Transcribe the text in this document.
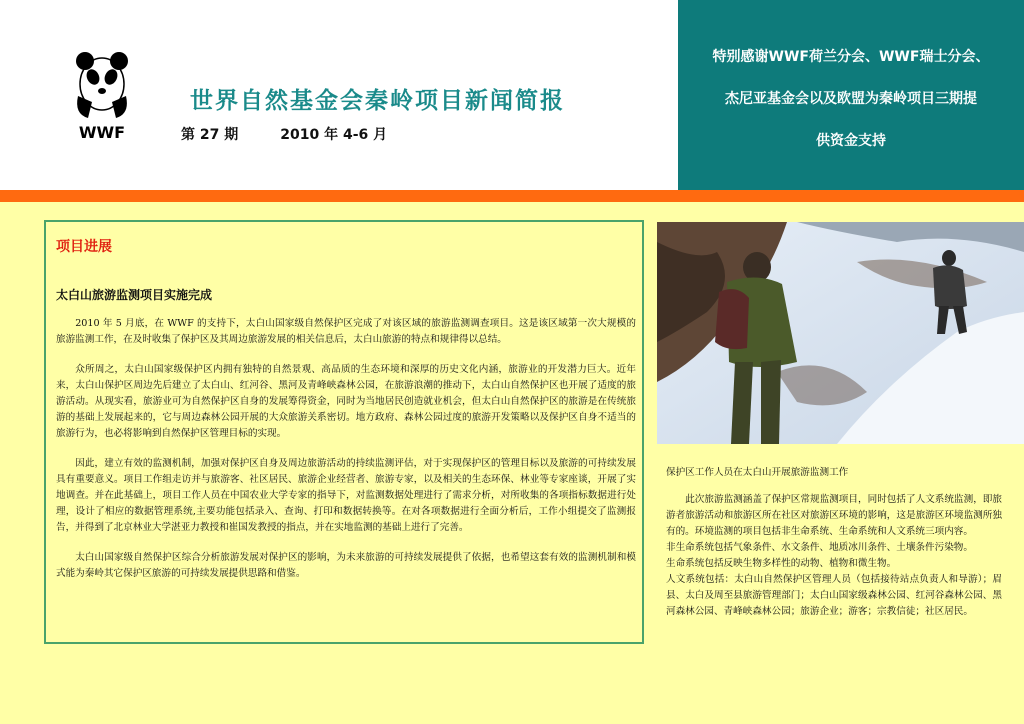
WWF
世界自然基金会秦岭项目新闻简报
第 27 期	2010 年 4-6 月

特别感谢WWF荷兰分会、WWF瑞士分会、

杰尼亚基金会以及欧盟为秦岭项目三期提

供资金支持

项目进展
太白山旅游监测项目实施完成

2010 年 5 月底，在 WWF 的支持下，太白山国家级自然保护区完成了对该区域的旅游监测调查项目。这是该区域第一次大规模的旅游监测工作，在及时收集了保护区及其周边旅游发展的相关信息后，太白山旅游的特点和规律得以总结。

众所周之，太白山国家级保护区内拥有独特的自然景观、高品质的生态环境和深厚的历史文化内涵，旅游业的开发潜力巨大。近年来，太白山保护区周边先后建立了太白山、红河谷、黑河及青峰峡森林公园，在旅游浪潮的推动下，太白山自然保护区也开展了适度的旅游活动。从现实看，旅游业可为自然保护区自身的发展筹得资金，同时为当地居民创造就业机会，但太白山自然保护区的旅游是在传统旅游的基础上发展起来的，它与周边森林公园开展的大众旅游关系密切。地方政府、森林公园过度的旅游开发策略以及保护区自身不适当的旅游行为，也必将影响到自然保护区管理目标的实现。

因此，建立有效的监测机制，加强对保护区自身及周边旅游活动的持续监测评估，对于实现保护区的管理目标以及旅游的可持续发展具有重要意义。项目工作组走访并与旅游客、社区居民、旅游企业经营者、旅游专家，以及相关的生态环保、林业等专家座谈，开展了实地调查。并在此基础上，项目工作人员在中国农业大学专家的指导下，对监测数据处理进行了需求分析，对所收集的各项指标数据进行处理，设计了相应的数据管理系统,主要功能包括录入、查询、打印和数据转换等。在对各项数据进行全面分析后，工作小组提交了监测报告，并得到了北京林业大学湛亚力教授和崔国发教授的指点，并在实地监测的基础上进行了完善。

太白山国家级自然保护区综合分析旅游发展对保护区的影响，为未来旅游的可持续发展提供了依据，也希望这套有效的监测机制和模式能为秦岭其它保护区旅游的可持续发展提供思路和借鉴。

保护区工作人员在太白山开展旅游监测工作

此次旅游监测涵盖了保护区常规监测项目，同时包括了人文系统监测，即旅游者旅游活动和旅游区所在社区对旅游区环境的影响，这是旅游区环境监测所独有的。环境监测的项目包括非生命系统、生命系统和人文系统三项内容。

非生命系统包括气象条件、水文条件、地质冰川条件、土壤条件污染物。

生命系统包括反映生物多样性的动物、植物和微生物。

人文系统包括：太白山自然保护区管理人员（包括接待站点负责人和导游）；眉县、太白及周至县旅游管理部门；太白山国家级森林公园、红河谷森林公园、黑河森林公园、青峰峡森林公园；旅游企业；游客；宗教信徒；社区居民。
